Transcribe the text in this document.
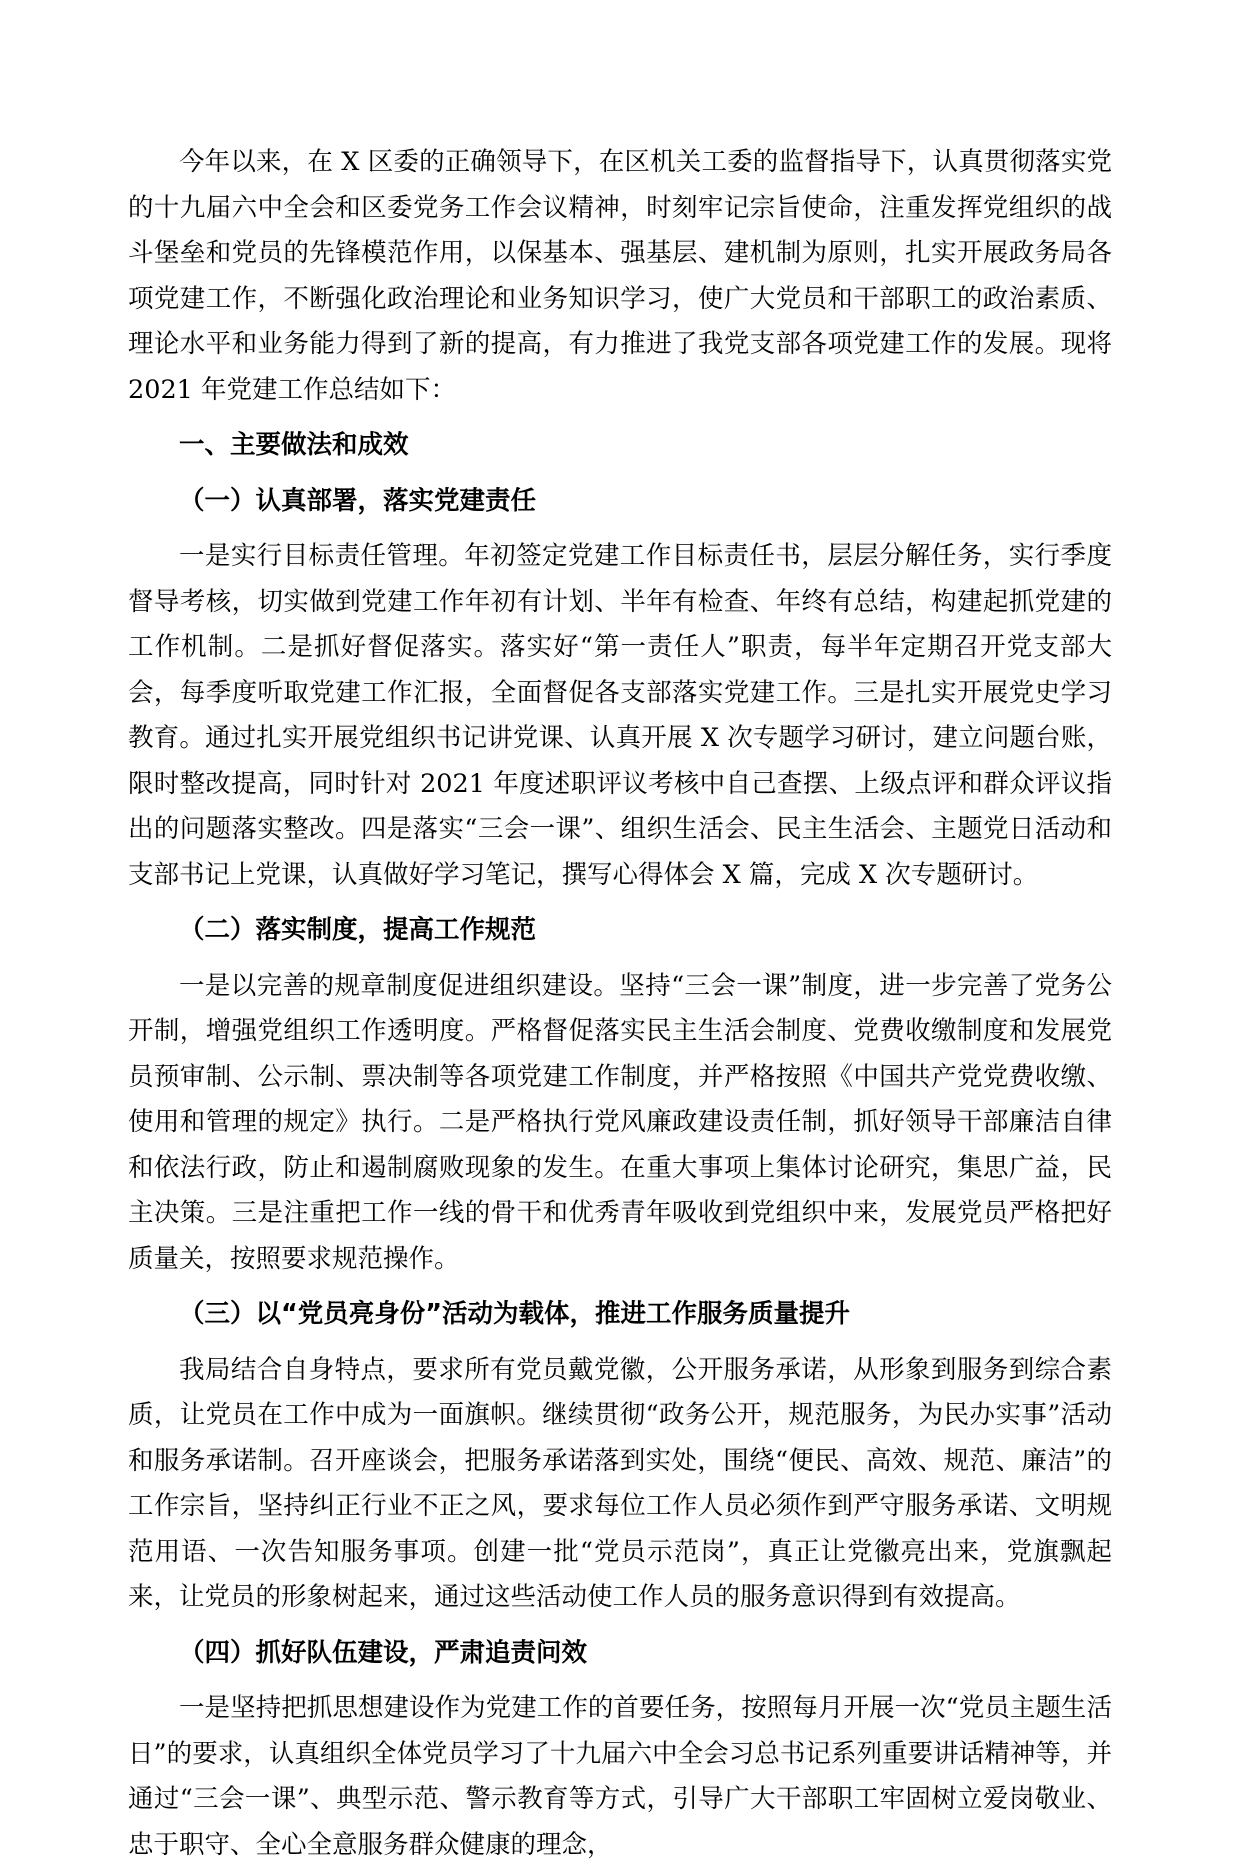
今年以来，在 X 区委的正确领导下，在区机关工委的监督指导下，认真贯彻落实党的十九届六中全会和区委党务工作会议精神，时刻牢记宗旨使命，注重发挥党组织的战斗堡垒和党员的先锋模范作用，以保基本、强基层、建机制为原则，扎实开展政务局各项党建工作，不断强化政治理论和业务知识学习，使广大党员和干部职工的政治素质、理论水平和业务能力得到了新的提高，有力推进了我党支部各项党建工作的发展。现将 2021 年党建工作总结如下：

一、主要做法和成效
（一）认真部署，落实党建责任

一是实行目标责任管理。年初签定党建工作目标责任书，层层分解任务，实行季度督导考核，切实做到党建工作年初有计划、半年有检查、年终有总结，构建起抓党建的工作机制。二是抓好督促落实。落实好“第一责任人”职责，每半年定期召开党支部大会，每季度听取党建工作汇报，全面督促各支部落实党建工作。三是扎实开展党史学习教育。通过扎实开展党组织书记讲党课、认真开展 X 次专题学习研讨，建立问题台账，限时整改提高，同时针对 2021 年度述职评议考核中自己查摆、上级点评和群众评议指出的问题落实整改。四是落实“三会一课”、组织生活会、民主生活会、主题党日活动和支部书记上党课，认真做好学习笔记，撰写心得体会 X 篇，完成 X 次专题研讨。

（二）落实制度，提高工作规范

一是以完善的规章制度促进组织建设。坚持“三会一课”制度，进一步完善了党务公开制，增强党组织工作透明度。严格督促落实民主生活会制度、党费收缴制度和发展党员预审制、公示制、票决制等各项党建工作制度，并严格按照《中国共产党党费收缴、使用和管理的规定》执行。二是严格执行党风廉政建设责任制，抓好领导干部廉洁自律和依法行政，防止和遏制腐败现象的发生。在重大事项上集体讨论研究，集思广益，民主决策。三是注重把工作一线的骨干和优秀青年吸收到党组织中来，发展党员严格把好质量关，按照要求规范操作。

（三）以“党员亮身份”活动为载体，推进工作服务质量提升

我局结合自身特点，要求所有党员戴党徽，公开服务承诺，从形象到服务到综合素质，让党员在工作中成为一面旗帜。继续贯彻“政务公开，规范服务，为民办实事”活动和服务承诺制。召开座谈会，把服务承诺落到实处，围绕“便民、高效、规范、廉洁”的工作宗旨，坚持纠正行业不正之风，要求每位工作人员必须作到严守服务承诺、文明规范用语、一次告知服务事项。创建一批“党员示范岗”，真正让党徽亮出来，党旗飘起来，让党员的形象树起来，通过这些活动使工作人员的服务意识得到有效提高。

（四）抓好队伍建设，严肃追责问效

一是坚持把抓思想建设作为党建工作的首要任务，按照每月开展一次“党员主题生活日”的要求，认真组织全体党员学习了十九届六中全会习总书记系列重要讲话精神等，并通过“三会一课”、典型示范、警示教育等方式，引导广大干部职工牢固树立爱岗敬业、忠于职守、全心全意服务群众健康的理念，
